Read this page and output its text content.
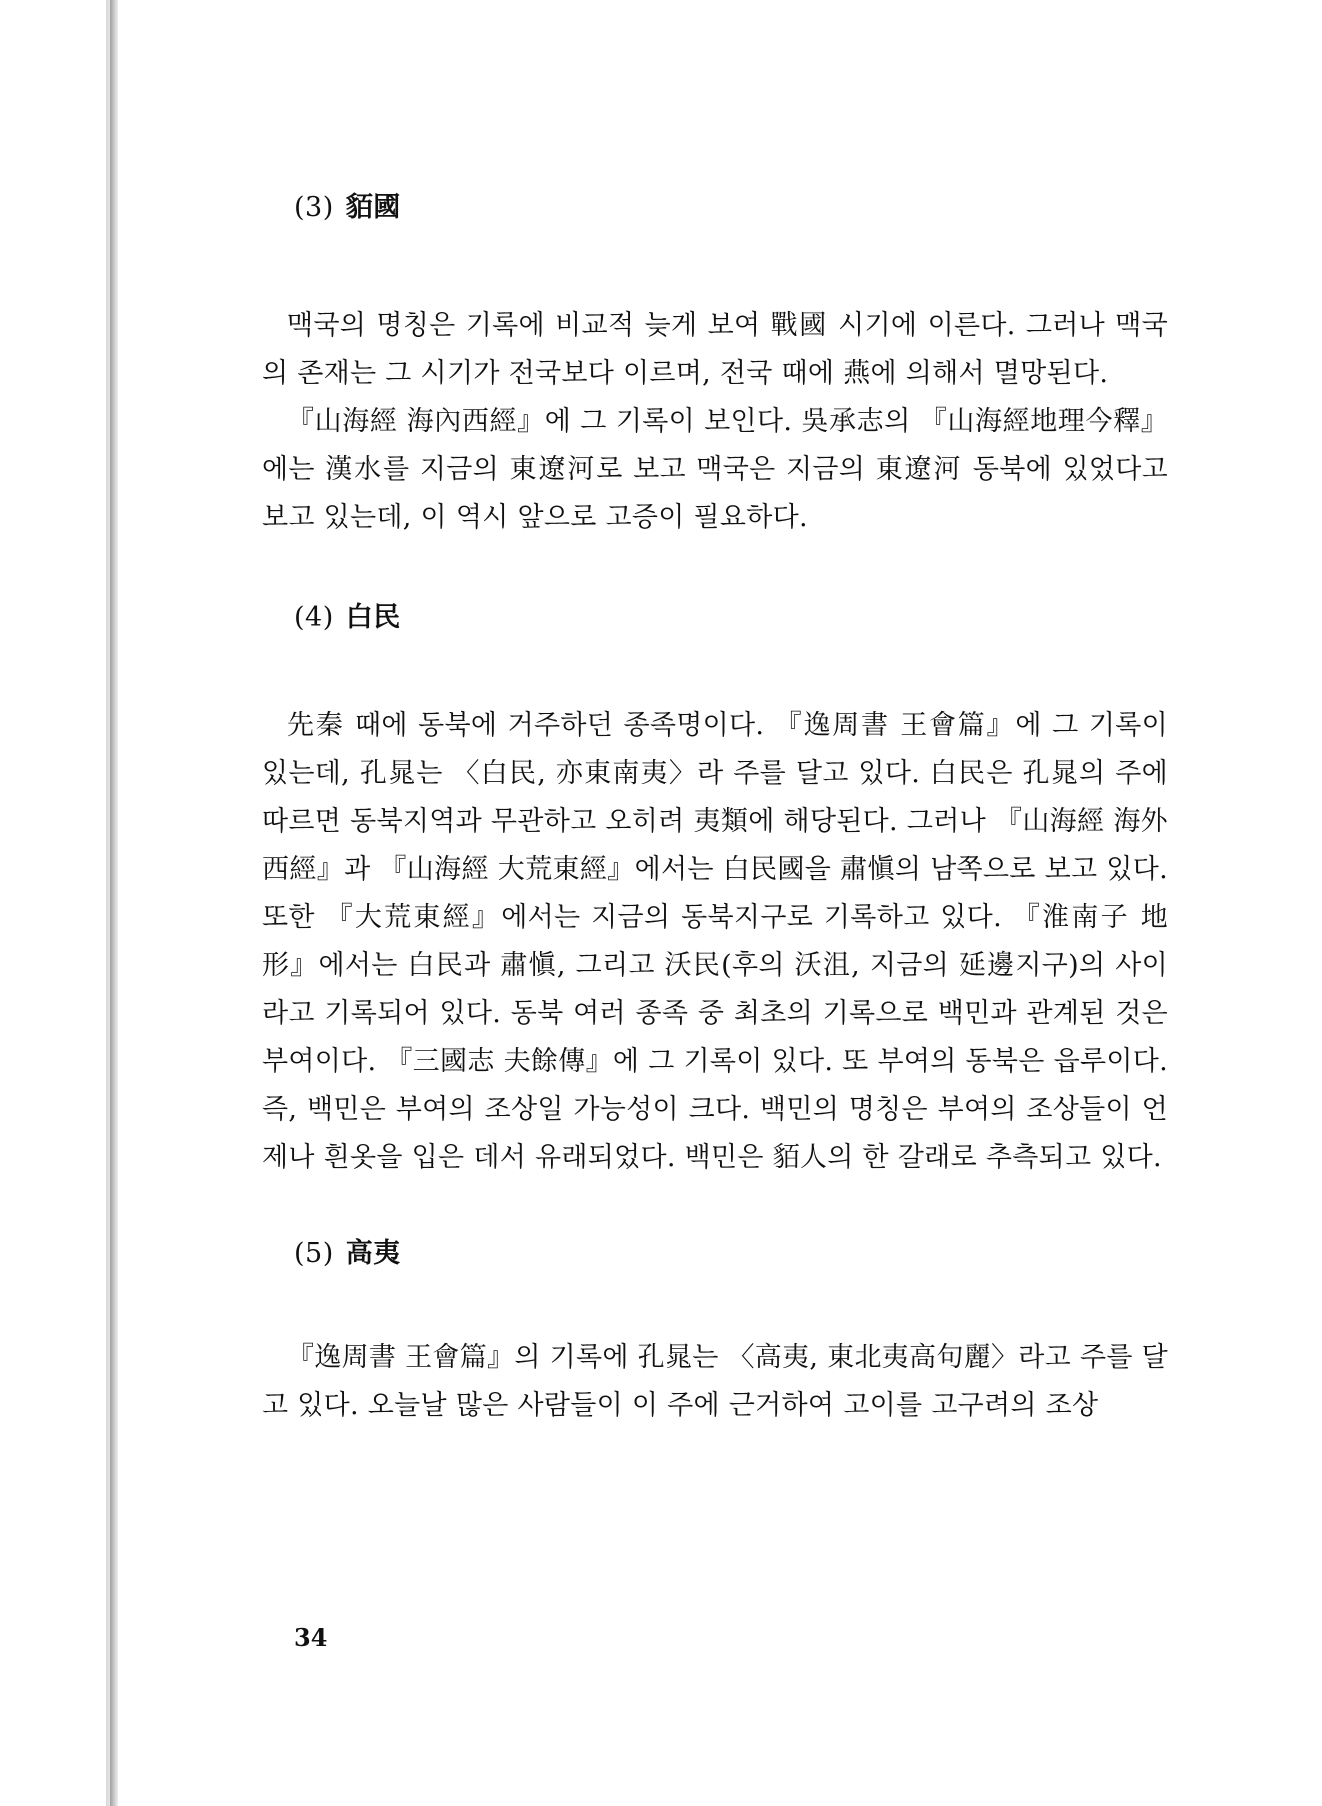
(3) 貊國

맥국의 명칭은 기록에 비교적 늦게 보여 戰國 시기에 이른다. 그러나 맥국의 존재는 그 시기가 전국보다 이르며, 전국 때에 燕에 의해서 멸망된다.

『山海經 海內西經』에 그 기록이 보인다. 吳承志의 『山海經地理今釋』에는 漢水를 지금의 東遼河로 보고 맥국은 지금의 東遼河 동북에 있었다고 보고 있는데, 이 역시 앞으로 고증이 필요하다.

(4) 白民

先秦 때에 동북에 거주하던 종족명이다. 『逸周書 王會篇』에 그 기록이 있는데, 孔晁는 〈白民, 亦東南夷〉라 주를 달고 있다. 白民은 孔晁의 주에 따르면 동북지역과 무관하고 오히려 夷類에 해당된다. 그러나 『山海經 海外西經』과 『山海經 大荒東經』에서는 白民國을 肅愼의 남쪽으로 보고 있다. 또한 『大荒東經』에서는 지금의 동북지구로 기록하고 있다. 『淮南子 地形』에서는 白民과 肅愼, 그리고 沃民(후의 沃沮, 지금의 延邊지구)의 사이라고 기록되어 있다. 동북 여러 종족 중 최초의 기록으로 백민과 관계된 것은 부여이다. 『三國志 夫餘傳』에 그 기록이 있다. 또 부여의 동북은 읍루이다. 즉, 백민은 부여의 조상일 가능성이 크다. 백민의 명칭은 부여의 조상들이 언제나 흰옷을 입은 데서 유래되었다. 백민은 貊人의 한 갈래로 추측되고 있다.

(5) 高夷

『逸周書 王會篇』의 기록에 孔晁는 〈高夷, 東北夷高句麗〉라고 주를 달고 있다. 오늘날 많은 사람들이 이 주에 근거하여 고이를 고구려의 조상

34
